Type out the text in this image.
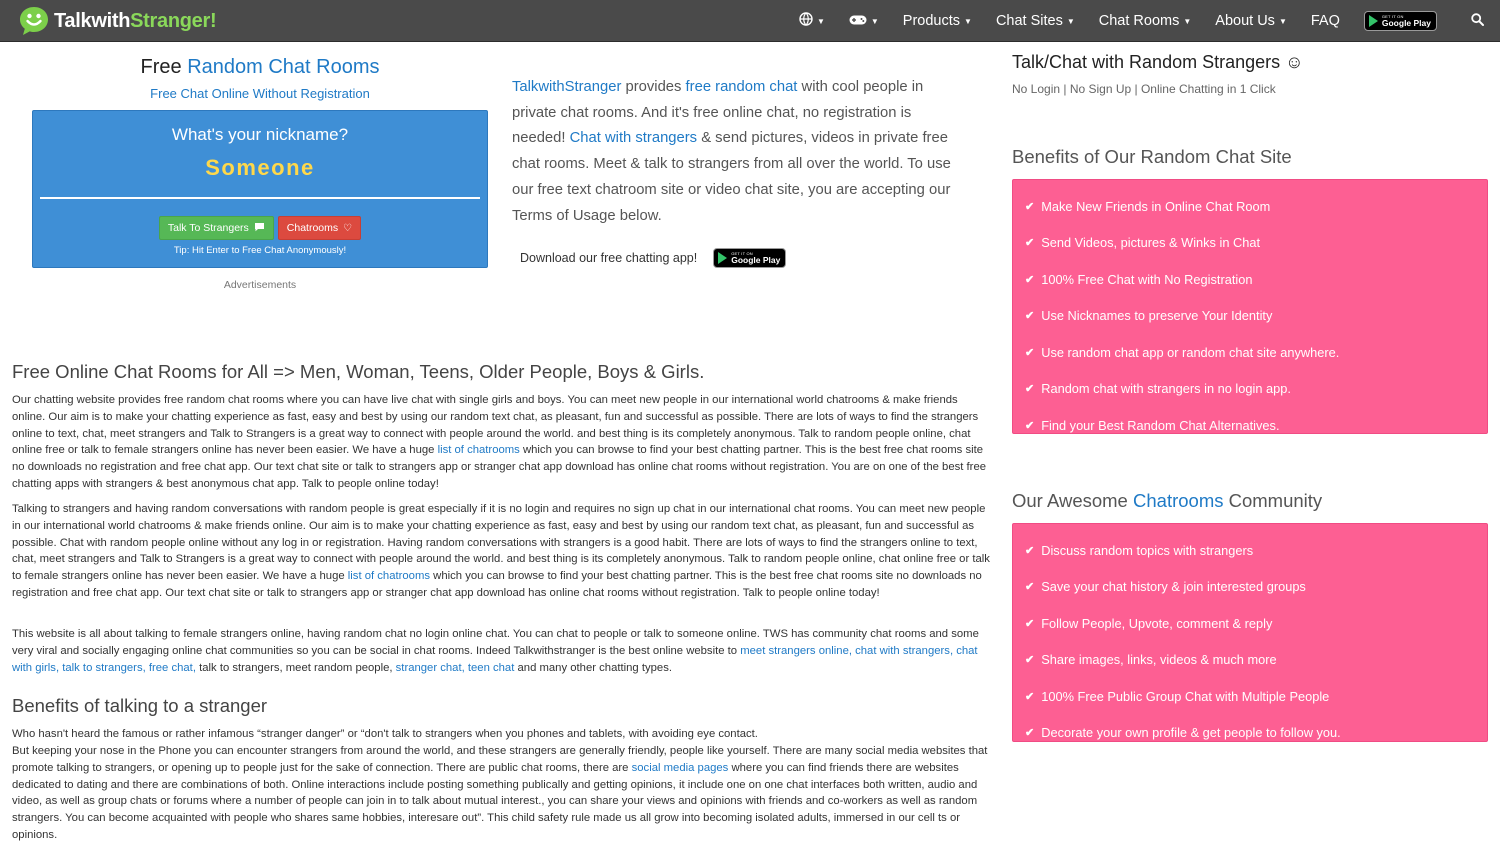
TalkwithStranger!	▼	▼ Products ▼ Chat Sites ▼ Chat Rooms ▼ About Us ▼ FAQ	GET IT ON
Google Play
Free Random Chat Rooms
Free Chat Online Without Registration
What's your nickname?
Someone
Talk To Strangers	Chatrooms ♡
Tip: Hit Enter to Free Chat Anonymously!
Advertisements
TalkwithStranger provides free random chat with cool people in private chat rooms. And it's free online chat, no registration is needed! Chat with strangers & send pictures, videos in private free chat rooms. Meet & talk to strangers from all over the world. To use our free text chatroom site or video chat site, you are accepting our Terms of Usage below.
Download our free chatting app!	GET IT ON
Google Play
Talk/Chat with Random Strangers ☺
No Login | No Sign Up | Online Chatting in 1 Click
Benefits of Our Random Chat Site
✔ Make New Friends in Online Chat Room
✔ Send Videos, pictures & Winks in Chat
✔ 100% Free Chat with No Registration
✔ Use Nicknames to preserve Your Identity
✔ Use random chat app or random chat site anywhere.
✔ Random chat with strangers in no login app.
✔ Find your Best Random Chat Alternatives.
Our Awesome Chatrooms Community
✔ Discuss random topics with strangers
✔ Save your chat history & join interested groups
✔ Follow People, Upvote, comment & reply
✔ Share images, links, videos & much more
✔ 100% Free Public Group Chat with Multiple People
✔ Decorate your own profile & get people to follow you.
Free Online Chat Rooms for All => Men, Woman, Teens, Older People, Boys & Girls.
Our chatting website provides free random chat rooms where you can have live chat with single girls and boys. You can meet new people in our international world chatrooms & make friends online. Our aim is to make your chatting experience as fast, easy and best by using our random text chat, as pleasant, fun and successful as possible. There are lots of ways to find the strangers online to text, chat, meet strangers and Talk to Strangers is a great way to connect with people around the world. and best thing is its completely anonymous. Talk to random people online, chat online free or talk to female strangers online has never been easier. We have a huge list of chatrooms which you can browse to find your best chatting partner. This is the best free chat rooms site no downloads no registration and free chat app. Our text chat site or talk to strangers app or stranger chat app download has online chat rooms without registration. You are on one of the best free chatting apps with strangers & best anonymous chat app. Talk to people online today!
Talking to strangers and having random conversations with random people is great especially if it is no login and requires no sign up chat in our international chat rooms. You can meet new people in our international world chatrooms & make friends online. Our aim is to make your chatting experience as fast, easy and best by using our random text chat, as pleasant, fun and successful as possible. Chat with random people online without any log in or registration. Having random conversations with strangers is a good habit. There are lots of ways to find the strangers online to text, chat, meet strangers and Talk to Strangers is a great way to connect with people around the world. and best thing is its completely anonymous. Talk to random people online, chat online free or talk to female strangers online has never been easier. We have a huge list of chatrooms which you can browse to find your best chatting partner. This is the best free chat rooms site no downloads no registration and free chat app. Our text chat site or talk to strangers app or stranger chat app download has online chat rooms without registration. Talk to people online today!
This website is all about talking to female strangers online, having random chat no login online chat. You can chat to people or talk to someone online. TWS has community chat rooms and some very viral and socially engaging online chat communities so you can be social in chat rooms. Indeed Talkwithstranger is the best online website to meet strangers online, chat with strangers, chat with girls, talk to strangers, free chat, talk to strangers, meet random people, stranger chat, teen chat and many other chatting types.
Benefits of talking to a stranger
Who hasn't heard the famous or rather infamous “stranger danger” or “don't talk to strangers when you phones and tablets, with avoiding eye contact.
But keeping your nose in the Phone you can encounter strangers from around the world, and these strangers are generally friendly, people like yourself. There are many social media websites that promote talking to strangers, or opening up to people just for the sake of connection. There are public chat rooms, there are social media pages where you can find friends there are websites dedicated to dating and there are combinations of both. Online interactions include posting something publically and getting opinions, it include one on one chat interfaces both written, audio and video, as well as group chats or forums where a number of people can join in to talk about mutual interest., you can share your views and opinions with friends and co-workers as well as random strangers. You can become acquainted with people who shares same hobbies, interesare out”. This child safety rule made us all grow into becoming isolated adults, immersed in our cell ts or opinions.
